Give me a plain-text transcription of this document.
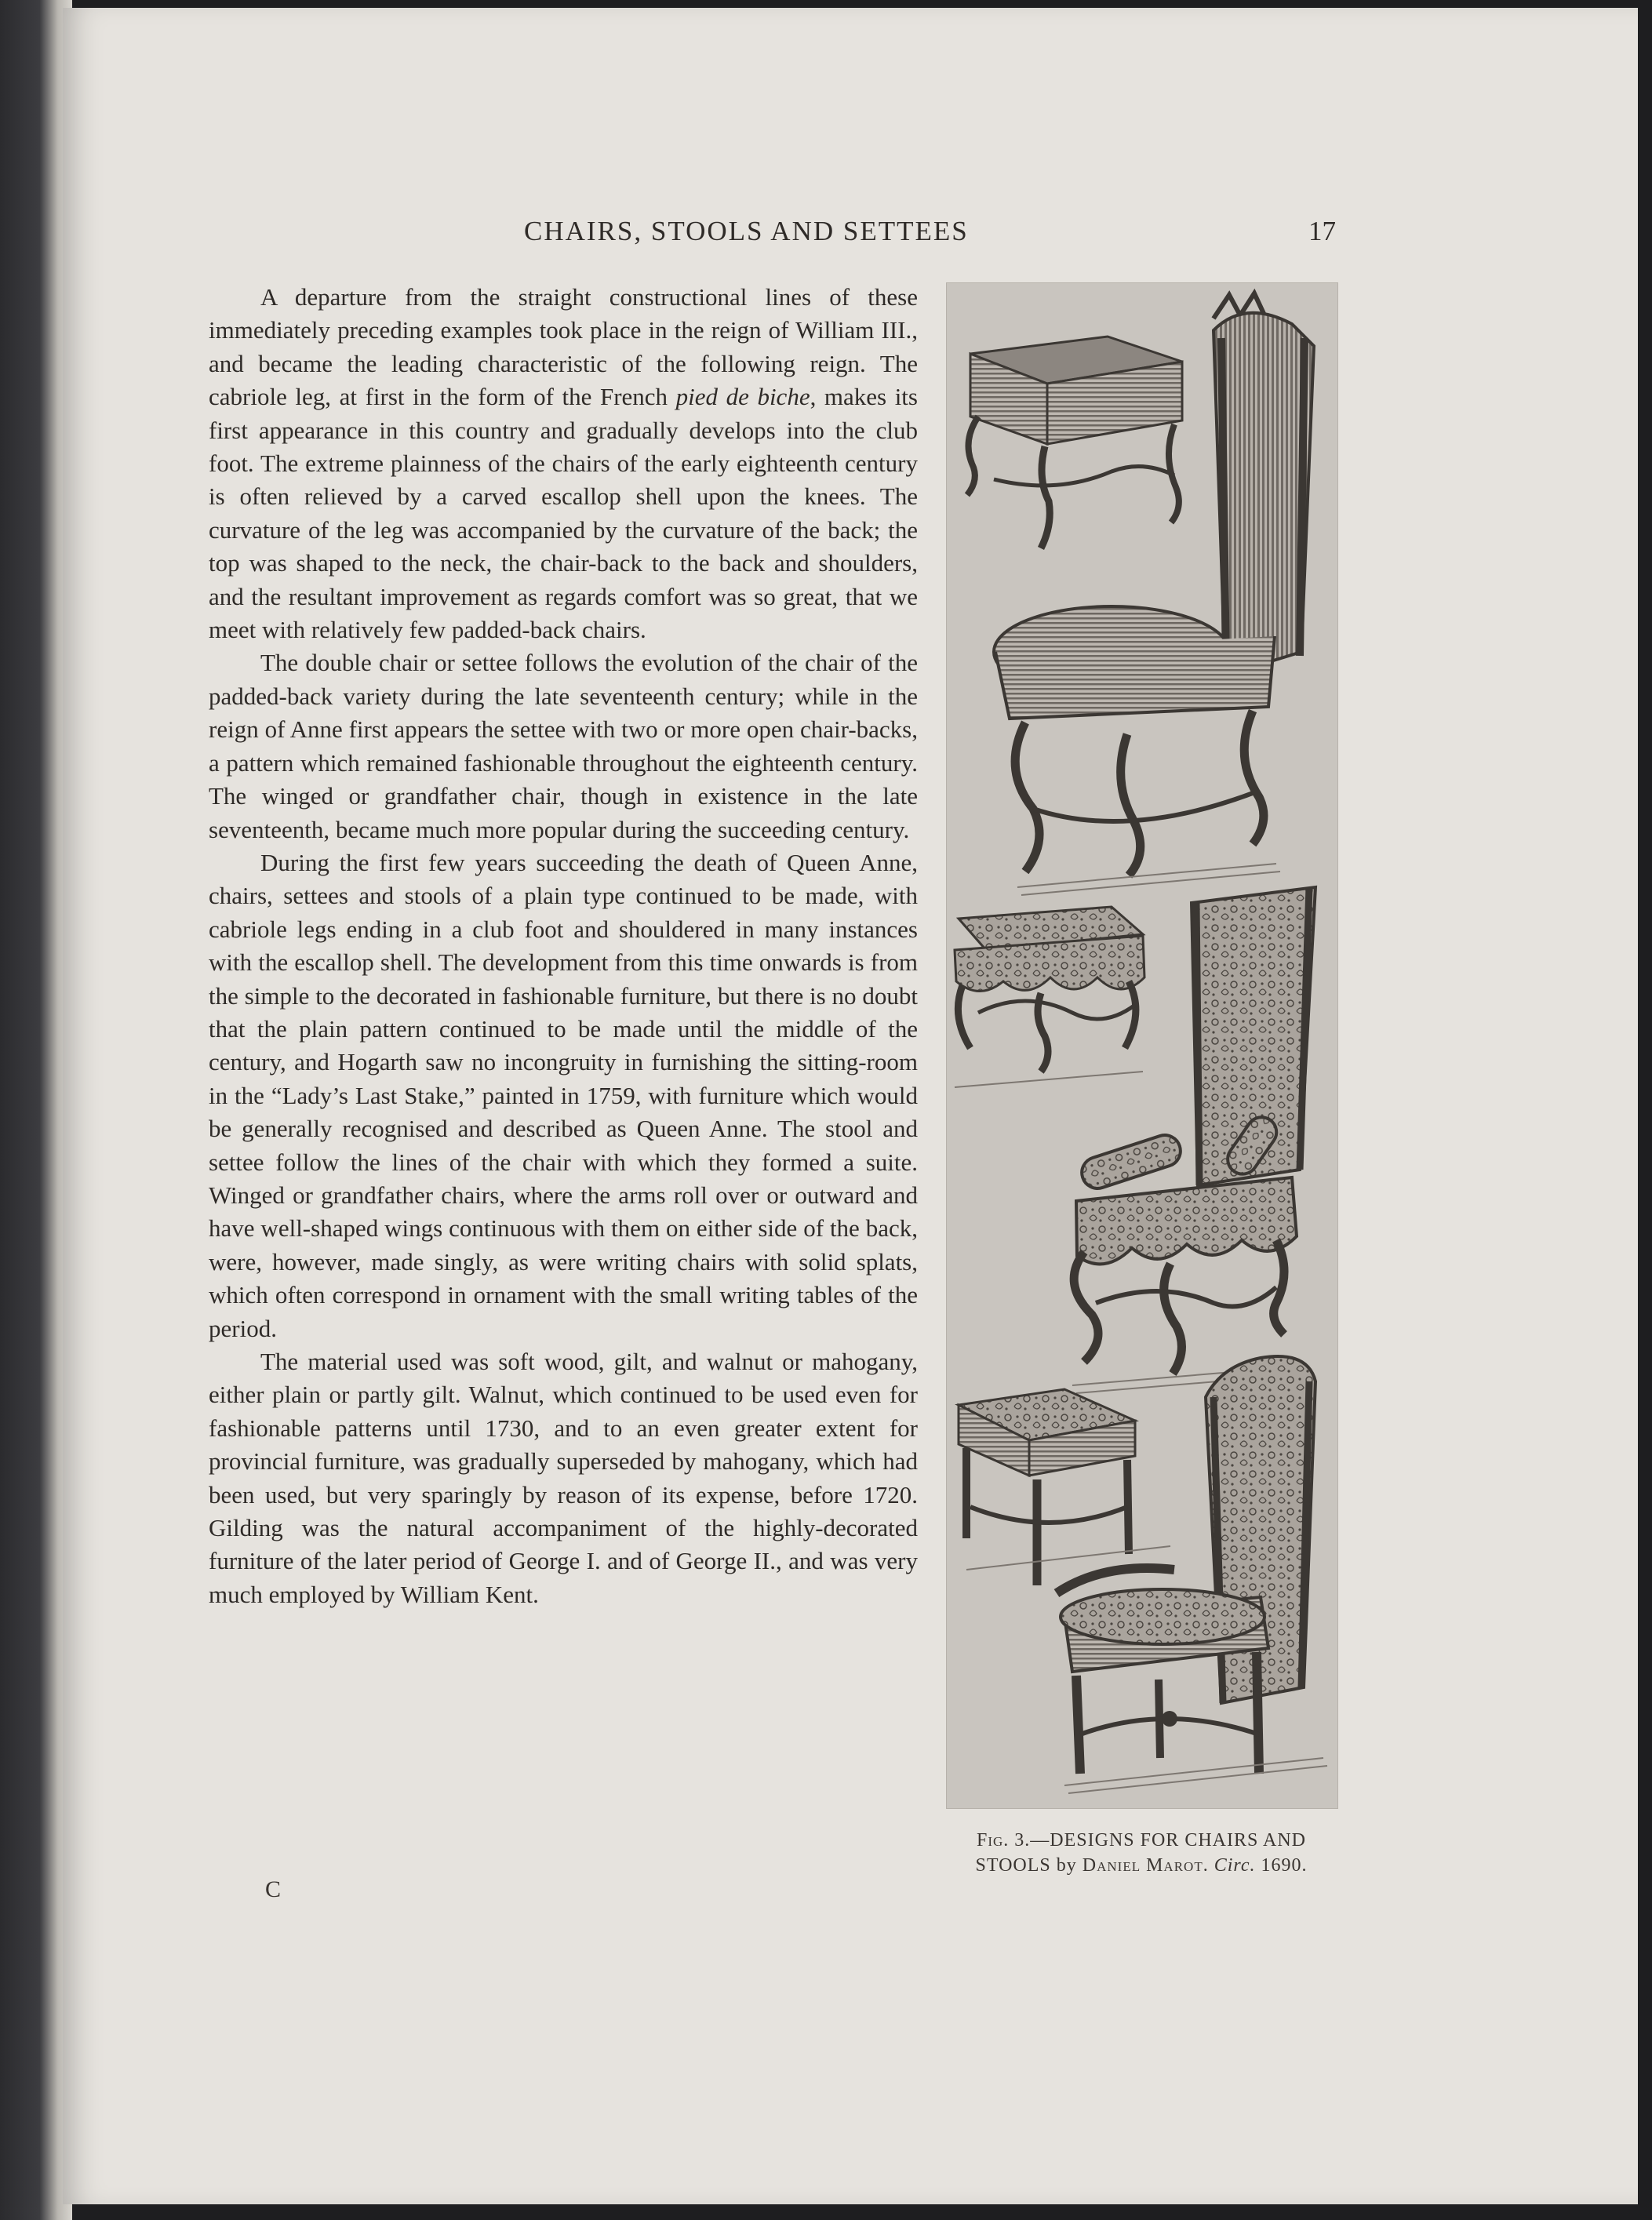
CHAIRS, STOOLS AND SETTEES	17

A departure from the straight constructional lines of these immediately preceding examples took place in the reign of William III., and became the leading characteristic of the following reign. The cabriole leg, at first in the form of the French pied de biche, makes its first appearance in this country and gradually develops into the club foot. The extreme plainness of the chairs of the early eighteenth century is often relieved by a carved escallop shell upon the knees. The curvature of the leg was accompanied by the curvature of the back; the top was shaped to the neck, the chair-back to the back and shoulders, and the resultant improvement as regards comfort was so great, that we meet with relatively few padded-back chairs.

The double chair or settee follows the evolution of the chair of the padded-back variety during the late seventeenth century; while in the reign of Anne first appears the settee with two or more open chair-backs, a pattern which remained fashionable throughout the eighteenth century. The winged or grandfather chair, though in existence in the late seventeenth, became much more popular during the succeeding century.

During the first few years succeeding the death of Queen Anne, chairs, settees and stools of a plain type continued to be made, with cabriole legs ending in a club foot and shouldered in many instances with the escallop shell. The development from this time onwards is from the simple to the decorated in fashionable furniture, but there is no doubt that the plain pattern continued to be made until the middle of the century, and Hogarth saw no incongruity in furnishing the sitting-room in the “Lady’s Last Stake,” painted in 1759, with furniture which would be generally recognised and described as Queen Anne. The stool and settee follow the lines of the chair with which they formed a suite. Winged or grandfather chairs, where the arms roll over or outward and have well-shaped wings continuous with them on either side of the back, were, however, made singly, as were writing chairs with solid splats, which often correspond in ornament with the small writing tables of the period.

The material used was soft wood, gilt, and walnut or mahogany, either plain or partly gilt. Walnut, which continued to be used even for fashionable patterns until 1730, and to an even greater extent for provincial furniture, was gradually superseded by mahogany, which had been used, but very sparingly by reason of its expense, before 1720. Gilding was the natural accompaniment of the highly-decorated furniture of the later period of George I. and of George II., and was very much employed by William Kent.

C
Fig. 3.—DESIGNS FOR CHAIRS AND STOOLS by Daniel Marot. Circ. 1690.
